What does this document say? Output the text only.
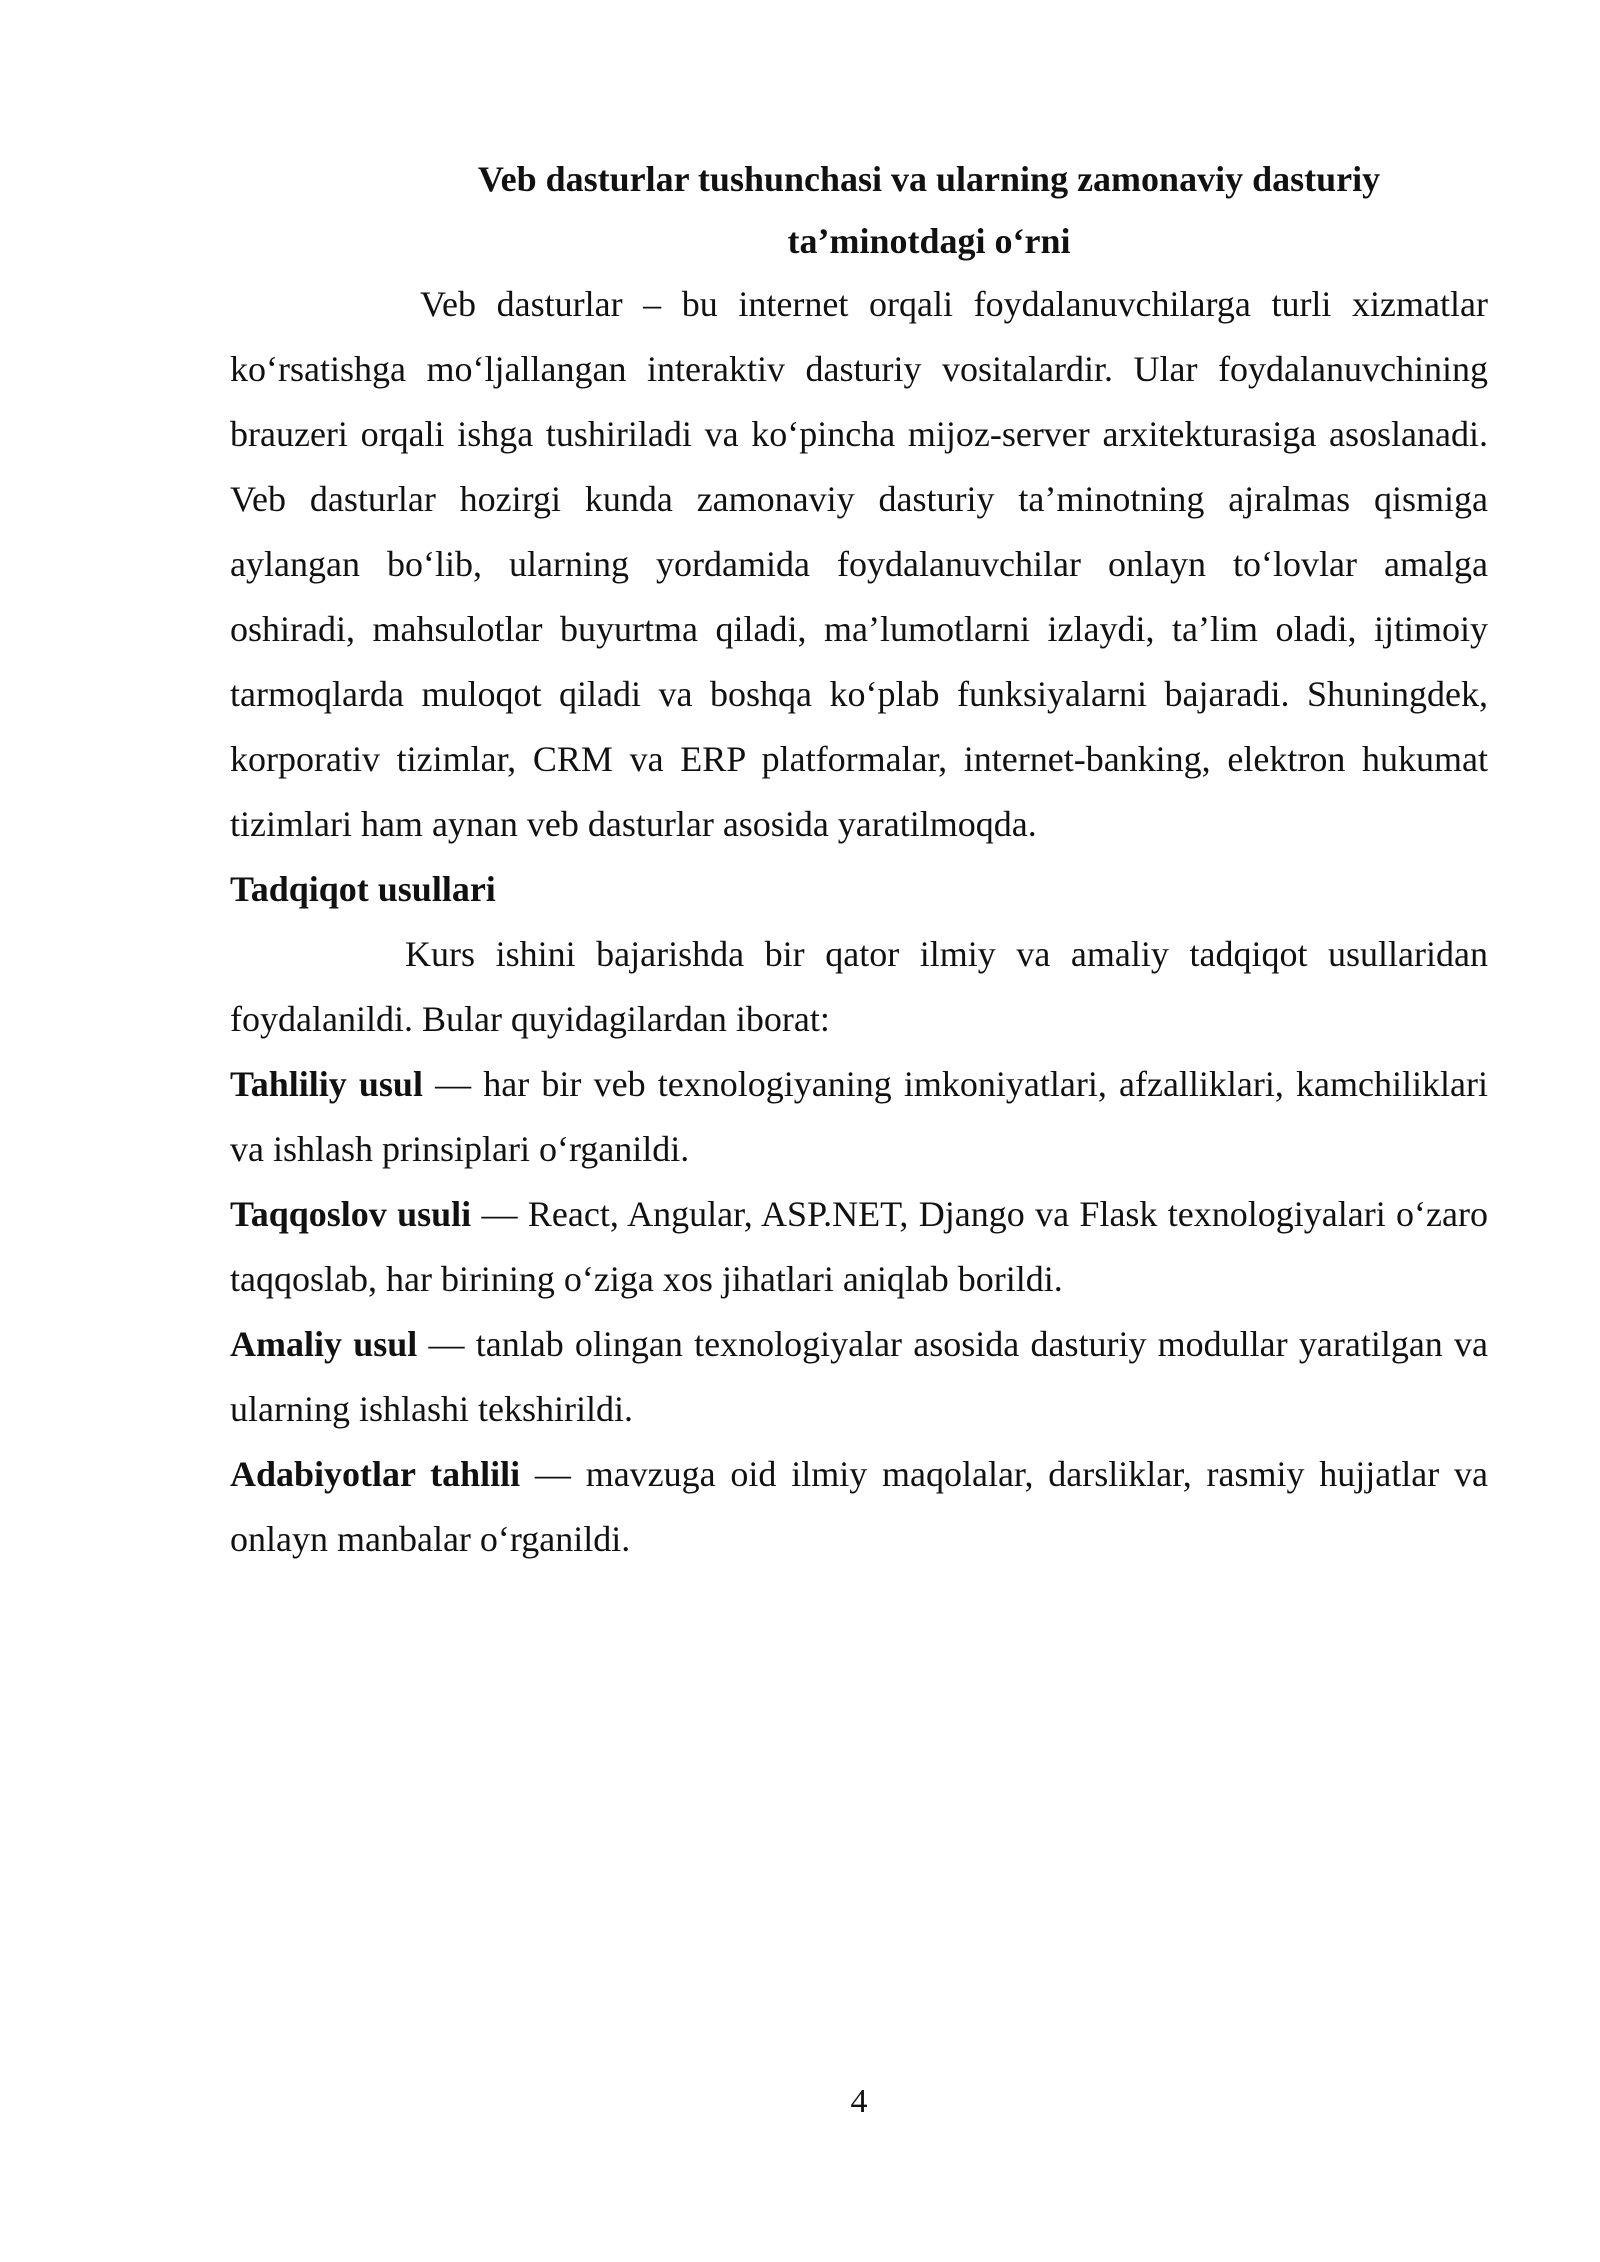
Veb dasturlar tushunchasi va ularning zamonaviy dasturiy
ta’minotdagi o‘rni

Veb dasturlar – bu internet orqali foydalanuvchilarga turli xizmatlar ko‘rsatishga mo‘ljallangan interaktiv dasturiy vositalardir. Ular foydalanuvchining brauzeri orqali ishga tushiriladi va ko‘pincha mijoz-server arxitekturasiga asoslanadi. Veb dasturlar hozirgi kunda zamonaviy dasturiy ta’minotning ajralmas qismiga aylangan bo‘lib, ularning yordamida foydalanuvchilar onlayn to‘lovlar amalga oshiradi, mahsulotlar buyurtma qiladi, ma’lumotlarni izlaydi, ta’lim oladi, ijtimoiy tarmoqlarda muloqot qiladi va boshqa ko‘plab funksiyalarni bajaradi. Shuningdek, korporativ tizimlar, CRM va ERP platformalar, internet-banking, elektron hukumat tizimlari ham aynan veb dasturlar asosida yaratilmoqda.

Tadqiqot usullari

Kurs ishini bajarishda bir qator ilmiy va amaliy tadqiqot usullaridan foydalanildi. Bular quyidagilardan iborat:

Tahliliy usul — har bir veb texnologiyaning imkoniyatlari, afzalliklari, kamchiliklari va ishlash prinsiplari o‘rganildi.

Taqqoslov usuli — React, Angular, ASP.NET, Django va Flask texnologiyalari o‘zaro taqqoslab, har birining o‘ziga xos jihatlari aniqlab borildi.

Amaliy usul — tanlab olingan texnologiyalar asosida dasturiy modullar yaratilgan va ularning ishlashi tekshirildi.

Adabiyotlar tahlili — mavzuga oid ilmiy maqolalar, darsliklar, rasmiy hujjatlar va onlayn manbalar o‘rganildi.

4
